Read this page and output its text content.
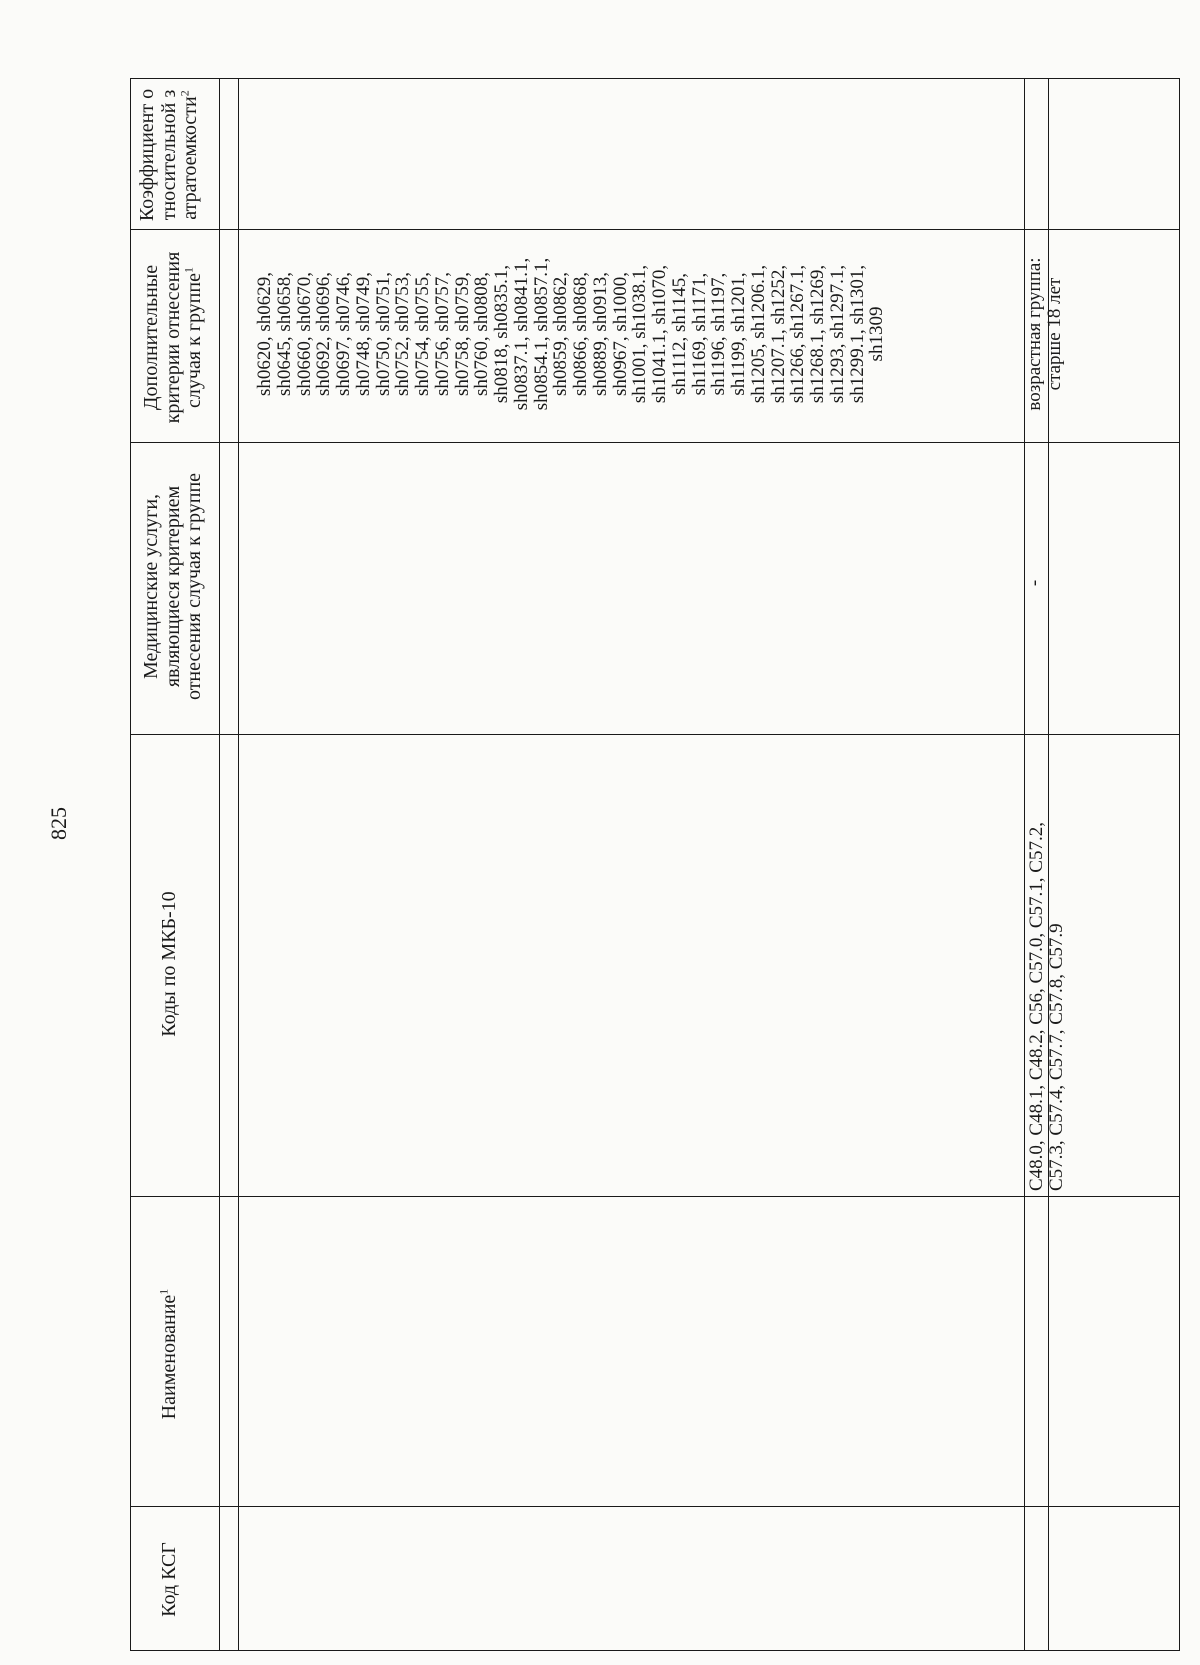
825
Код КСГ
Наименование$^1$
Коды по МКБ-10
Медицинские услуги, являющиеся критерием отнесения случая к группе
Дополнительные критерии отнесения случая к группе$^1$
Коэффициент относительной затратоемкости$^2$
sh0620, sh0629,
sh0645, sh0658,
sh0660, sh0670,
sh0692, sh0696,
sh0697, sh0746,
sh0748, sh0749,
sh0750, sh0751,
sh0752, sh0753,
sh0754, sh0755,
sh0756, sh0757,
sh0758, sh0759,
sh0760, sh0808,
sh0818, sh0835.1,
sh0837.1, sh0841.1,
sh0854.1, sh0857.1,
sh0859, sh0862,
sh0866, sh0868,
sh0889, sh0913,
sh0967, sh1000,
sh1001, sh1038.1,
sh1041.1, sh1070,
sh1112, sh1145,
sh1169, sh1171,
sh1196, sh1197,
sh1199, sh1201,
sh1205, sh1206.1,
sh1207.1, sh1252,
sh1266, sh1267.1,
sh1268.1, sh1269,
sh1293, sh1297.1,
sh1299.1, sh1301,
sh1309
C48.0, C48.1, C48.2, C56, C57.0, C57.1, C57.2,
C57.3, C57.4, C57.7, C57.8, C57.9
-
возрастная группа:
старше 18 лет
